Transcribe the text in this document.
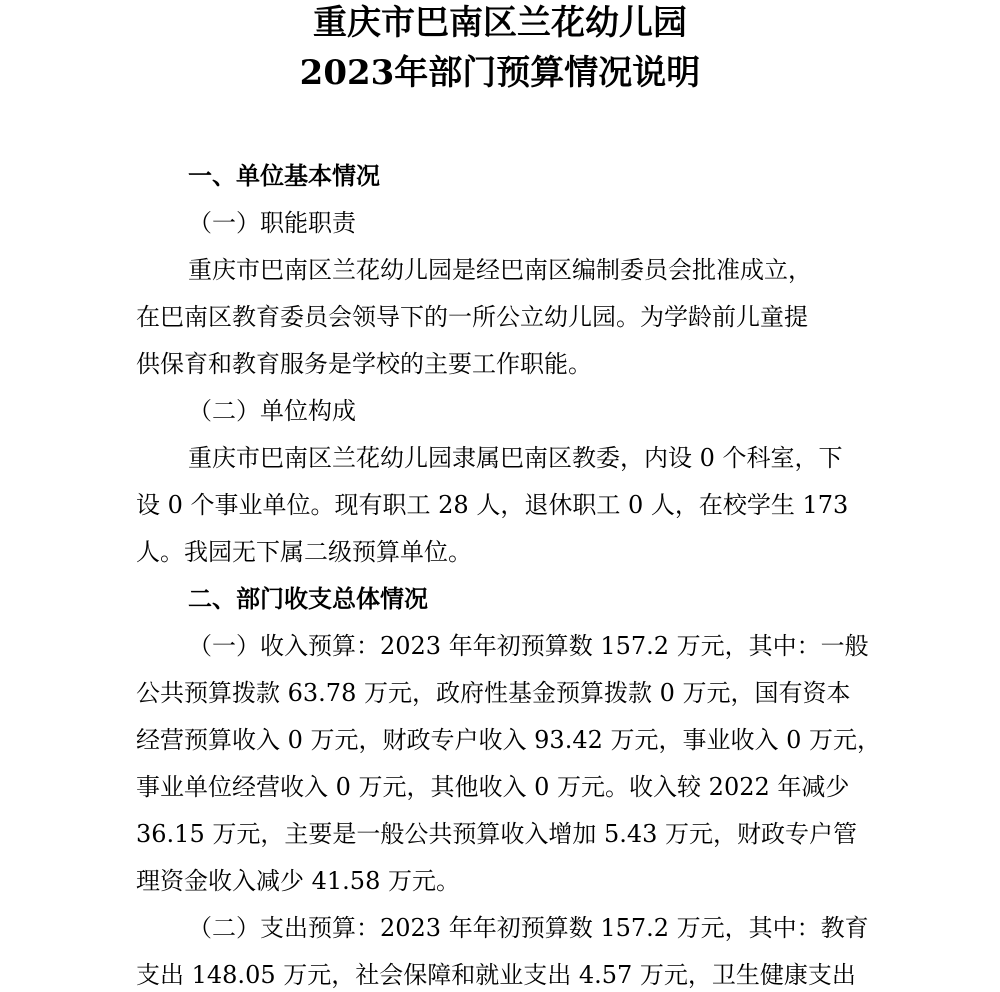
重庆市巴南区兰花幼儿园
2023年部门预算情况说明

一、单位基本情况

（一）职能职责

重庆市巴南区兰花幼儿园是经巴南区编制委员会批准成立，

在巴南区教育委员会领导下的一所公立幼儿园。为学龄前儿童提

供保育和教育服务是学校的主要工作职能。

（二）单位构成

重庆市巴南区兰花幼儿园隶属巴南区教委，内设 0 个科室，下

设 0 个事业单位。现有职工 28 人，退休职工 0 人，在校学生 173

人。我园无下属二级预算单位。

二、部门收支总体情况

（一）收入预算：2023 年年初预算数 157.2 万元，其中：一般

公共预算拨款 63.78 万元，政府性基金预算拨款 0 万元，国有资本

经营预算收入 0 万元，财政专户收入 93.42 万元，事业收入 0 万元，

事业单位经营收入 0 万元，其他收入 0 万元。收入较 2022 年减少

36.15 万元，主要是一般公共预算收入增加 5.43 万元，财政专户管

理资金收入减少 41.58 万元。

（二）支出预算：2023 年年初预算数 157.2 万元，其中：教育

支出 148.05 万元，社会保障和就业支出 4.57 万元，卫生健康支出
